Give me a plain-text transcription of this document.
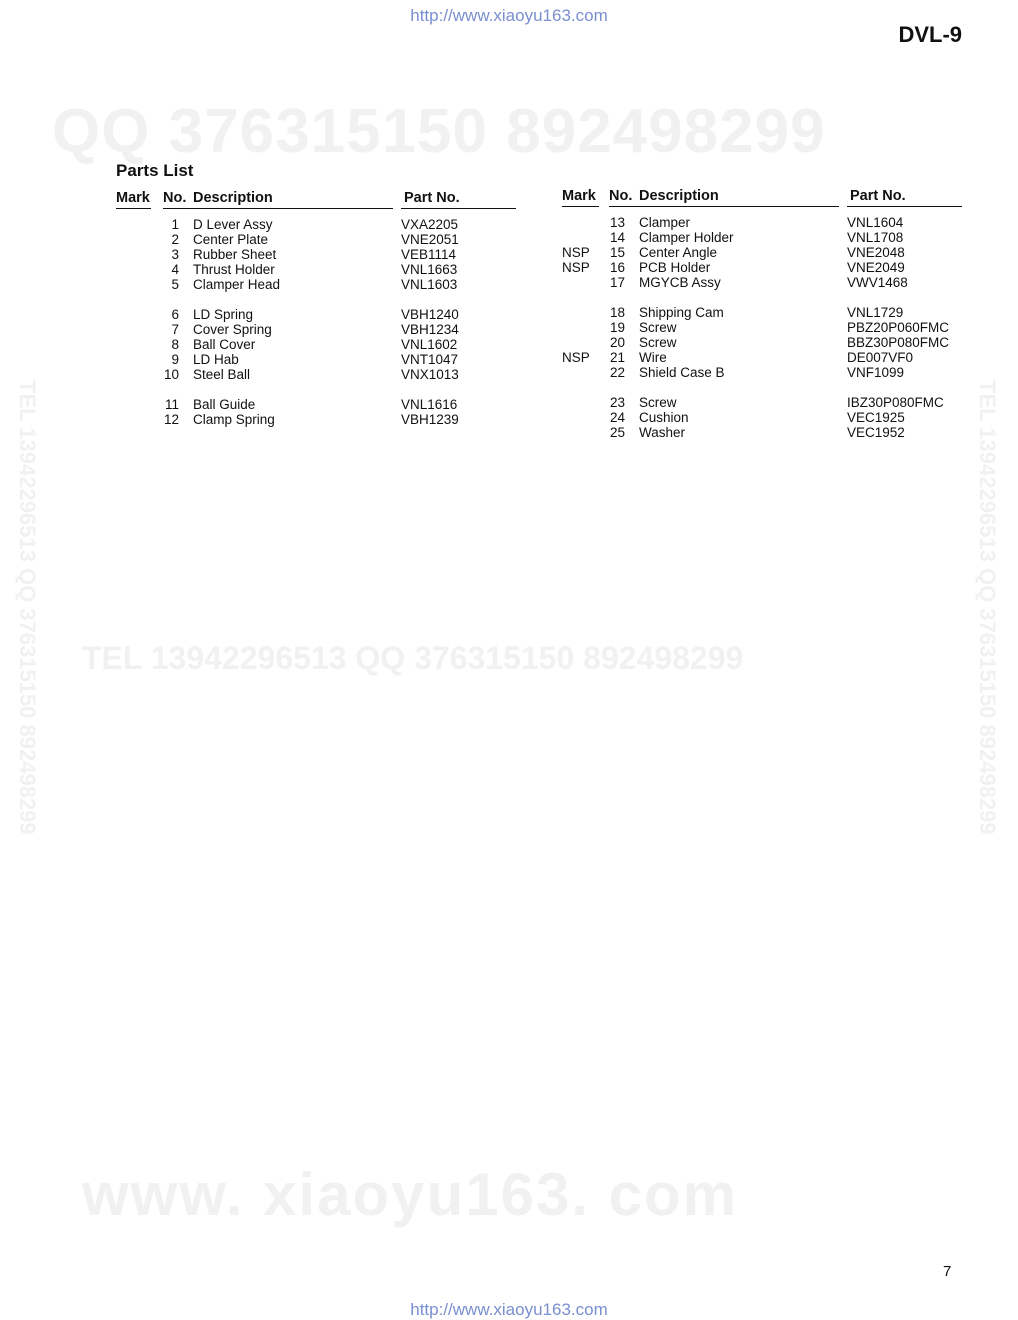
http://www.xiaoyu163.com
DVL-9
QQ 376315150 892498299
TEL 13942296513 QQ 376315150 892498299
www. xiaoyu163. com
TEL 13942296513 QQ 376315150 892498299	TEL 13942296513 QQ 376315150 892498299
Parts List
Mark No. Description	Part No.
1 D Lever Assy	VXA2205
2 Center Plate	VNE2051
3 Rubber Sheet	VEB1114
4 Thrust Holder	VNL1663
5 Clamper Head	VNL1603
6 LD Spring	VBH1240
7 Cover Spring	VBH1234
8 Ball Cover	VNL1602
9 LD Hab	VNT1047
10 Steel Ball	VNX1013
11 Ball Guide	VNL1616
12 Clamp Spring	VBH1239
Mark No. Description	Part No.
13 Clamper	VNL1604
14 Clamper Holder	VNL1708
NSP	15 Center Angle	VNE2048
NSP	16 PCB Holder	VNE2049
17 MGYCB Assy	VWV1468
18 Shipping Cam	VNL1729
19 Screw	PBZ20P060FMC
20 Screw	BBZ30P080FMC
NSP	21 Wire	DE007VF0
22 Shield Case B	VNF1099
23 Screw	IBZ30P080FMC
24 Cushion	VEC1925
25 Washer	VEC1952
7
http://www.xiaoyu163.com
